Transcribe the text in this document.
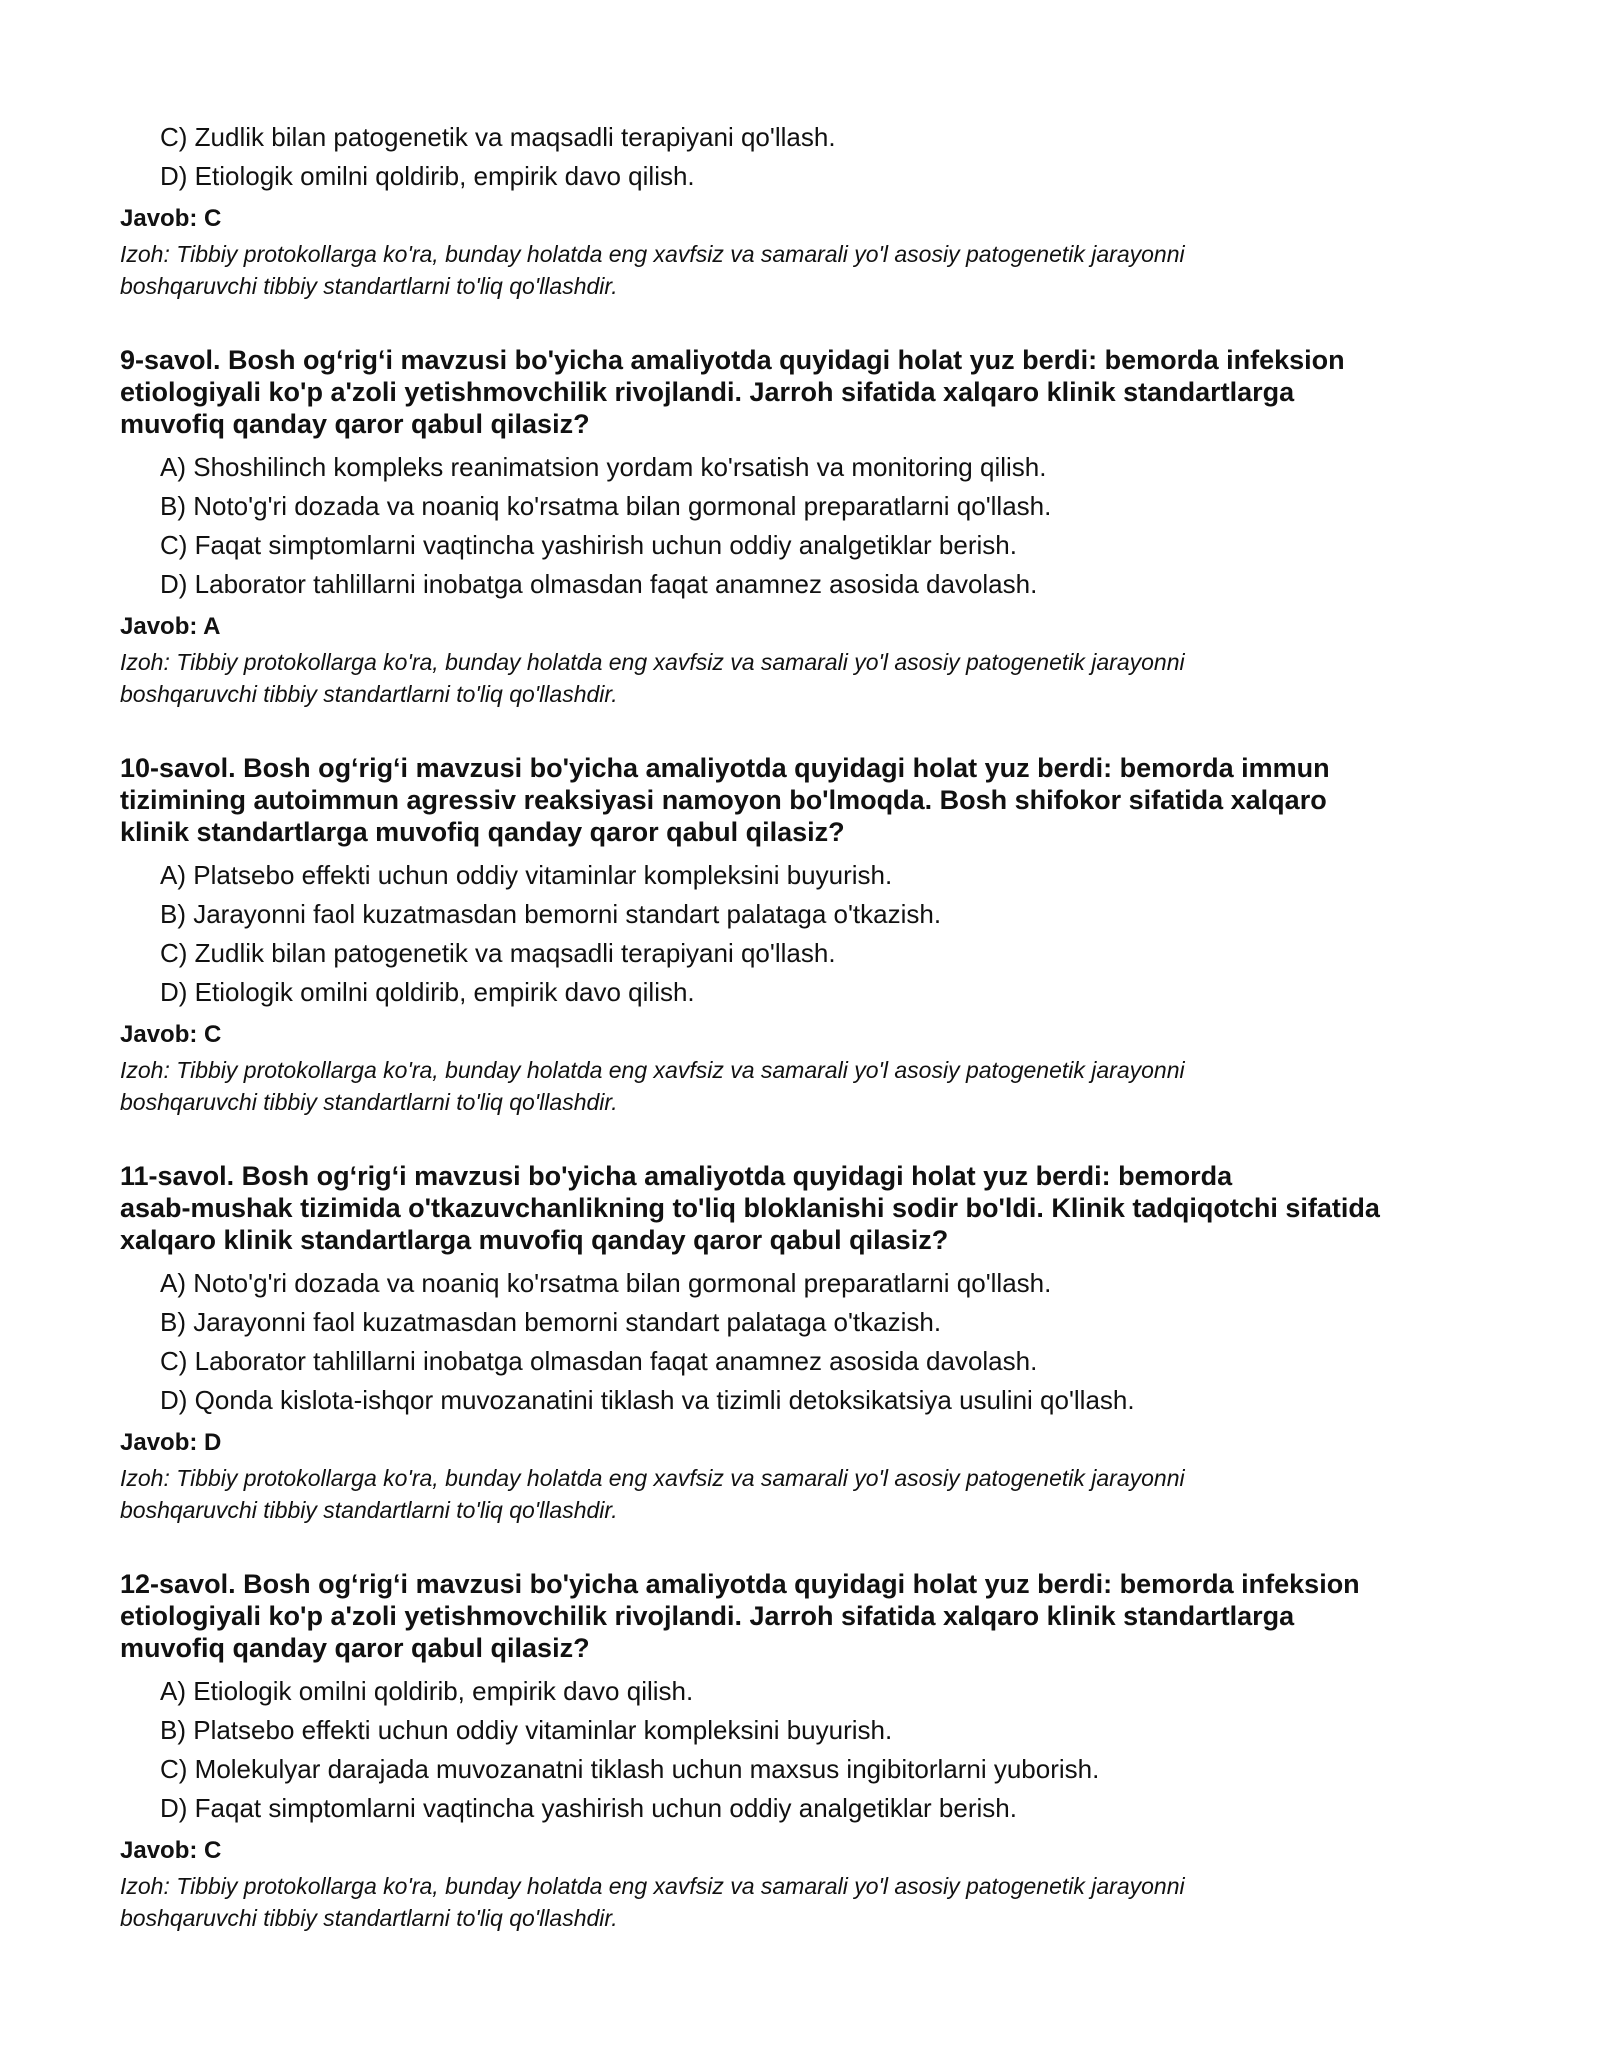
C) Zudlik bilan patogenetik va maqsadli terapiyani qo'llash.

D) Etiologik omilni qoldirib, empirik davo qilish.

Javob: C

Izoh: Tibbiy protokollarga ko'ra, bunday holatda eng xavfsiz va samarali yo'l asosiy patogenetik jarayonni
boshqaruvchi tibbiy standartlarni to'liq qo'llashdir.

9-savol. Bosh og‘rig‘i mavzusi bo'yicha amaliyotda quyidagi holat yuz berdi: bemorda infeksion
etiologiyali ko'p a'zoli yetishmovchilik rivojlandi. Jarroh sifatida xalqaro klinik standartlarga
muvofiq qanday qaror qabul qilasiz?

A) Shoshilinch kompleks reanimatsion yordam ko'rsatish va monitoring qilish.

B) Noto'g'ri dozada va noaniq ko'rsatma bilan gormonal preparatlarni qo'llash.

C) Faqat simptomlarni vaqtincha yashirish uchun oddiy analgetiklar berish.

D) Laborator tahlillarni inobatga olmasdan faqat anamnez asosida davolash.

Javob: A

Izoh: Tibbiy protokollarga ko'ra, bunday holatda eng xavfsiz va samarali yo'l asosiy patogenetik jarayonni
boshqaruvchi tibbiy standartlarni to'liq qo'llashdir.

10-savol. Bosh og‘rig‘i mavzusi bo'yicha amaliyotda quyidagi holat yuz berdi: bemorda immun
tizimining autoimmun agressiv reaksiyasi namoyon bo'lmoqda. Bosh shifokor sifatida xalqaro
klinik standartlarga muvofiq qanday qaror qabul qilasiz?

A) Platsebo effekti uchun oddiy vitaminlar kompleksini buyurish.

B) Jarayonni faol kuzatmasdan bemorni standart palataga o'tkazish.

C) Zudlik bilan patogenetik va maqsadli terapiyani qo'llash.

D) Etiologik omilni qoldirib, empirik davo qilish.

Javob: C

Izoh: Tibbiy protokollarga ko'ra, bunday holatda eng xavfsiz va samarali yo'l asosiy patogenetik jarayonni
boshqaruvchi tibbiy standartlarni to'liq qo'llashdir.

11-savol. Bosh og‘rig‘i mavzusi bo'yicha amaliyotda quyidagi holat yuz berdi: bemorda
asab-mushak tizimida o'tkazuvchanlikning to'liq bloklanishi sodir bo'ldi. Klinik tadqiqotchi sifatida
xalqaro klinik standartlarga muvofiq qanday qaror qabul qilasiz?

A) Noto'g'ri dozada va noaniq ko'rsatma bilan gormonal preparatlarni qo'llash.

B) Jarayonni faol kuzatmasdan bemorni standart palataga o'tkazish.

C) Laborator tahlillarni inobatga olmasdan faqat anamnez asosida davolash.

D) Qonda kislota-ishqor muvozanatini tiklash va tizimli detoksikatsiya usulini qo'llash.

Javob: D

Izoh: Tibbiy protokollarga ko'ra, bunday holatda eng xavfsiz va samarali yo'l asosiy patogenetik jarayonni
boshqaruvchi tibbiy standartlarni to'liq qo'llashdir.

12-savol. Bosh og‘rig‘i mavzusi bo'yicha amaliyotda quyidagi holat yuz berdi: bemorda infeksion
etiologiyali ko'p a'zoli yetishmovchilik rivojlandi. Jarroh sifatida xalqaro klinik standartlarga
muvofiq qanday qaror qabul qilasiz?

A) Etiologik omilni qoldirib, empirik davo qilish.

B) Platsebo effekti uchun oddiy vitaminlar kompleksini buyurish.

C) Molekulyar darajada muvozanatni tiklash uchun maxsus ingibitorlarni yuborish.

D) Faqat simptomlarni vaqtincha yashirish uchun oddiy analgetiklar berish.

Javob: C

Izoh: Tibbiy protokollarga ko'ra, bunday holatda eng xavfsiz va samarali yo'l asosiy patogenetik jarayonni
boshqaruvchi tibbiy standartlarni to'liq qo'llashdir.
